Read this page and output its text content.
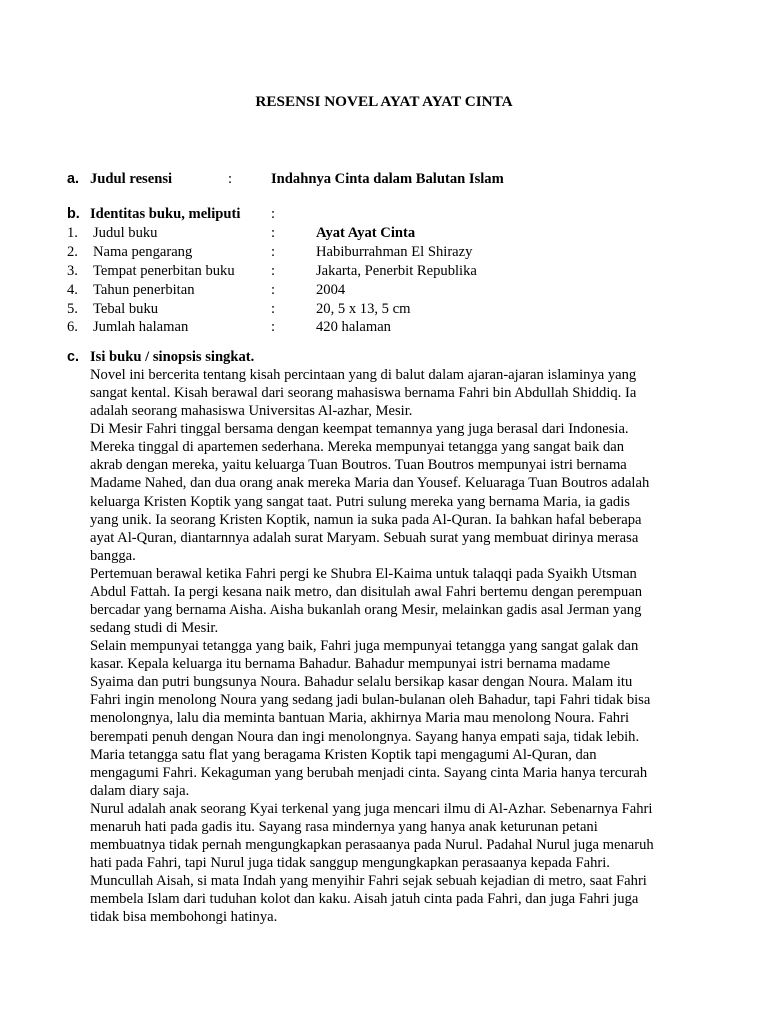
RESENSI NOVEL AYAT AYAT CINTA
a. Judul resensi	:	Indahnya Cinta dalam Balutan Islam
b. Identitas buku, meliputi :
1. Judul buku	:	Ayat Ayat Cinta
2. Nama pengarang	:	Habiburrahman El Shirazy
3. Tempat penerbitan buku :	Jakarta, Penerbit Republika
4. Tahun penerbitan	:	2004
5. Tebal buku	:	20, 5 x 13, 5 cm
6. Jumlah halaman	:	420 halaman
c. Isi buku / sinopsis singkat.
Novel ini bercerita tentang kisah percintaan yang di balut dalam ajaran-ajaran islaminya yang
sangat kental. Kisah berawal dari seorang mahasiswa bernama Fahri bin Abdullah Shiddiq. Ia
adalah seorang mahasiswa Universitas Al-azhar, Mesir.
Di Mesir Fahri tinggal bersama dengan keempat temannya yang juga berasal dari Indonesia.
Mereka tinggal di apartemen sederhana. Mereka mempunyai tetangga yang sangat baik dan
akrab dengan mereka, yaitu keluarga Tuan Boutros. Tuan Boutros mempunyai istri bernama
Madame Nahed, dan dua orang anak mereka Maria dan Yousef. Keluaraga Tuan Boutros adalah
keluarga Kristen Koptik yang sangat taat. Putri sulung mereka yang bernama Maria, ia gadis
yang unik. Ia seorang Kristen Koptik, namun ia suka pada Al-Quran. Ia bahkan hafal beberapa
ayat Al-Quran, diantarnnya adalah surat Maryam. Sebuah surat yang membuat dirinya merasa
bangga.
Pertemuan berawal ketika Fahri pergi ke Shubra El-Kaima untuk talaqqi pada Syaikh Utsman
Abdul Fattah. Ia pergi kesana naik metro, dan disitulah awal Fahri bertemu dengan perempuan
bercadar yang bernama Aisha. Aisha bukanlah orang Mesir, melainkan gadis asal Jerman yang
sedang studi di Mesir.
Selain mempunyai tetangga yang baik, Fahri juga mempunyai tetangga yang sangat galak dan
kasar. Kepala keluarga itu bernama Bahadur. Bahadur mempunyai istri bernama madame
Syaima dan putri bungsunya Noura. Bahadur selalu bersikap kasar dengan Noura. Malam itu
Fahri ingin menolong Noura yang sedang jadi bulan-bulanan oleh Bahadur, tapi Fahri tidak bisa
menolongnya, lalu dia meminta bantuan Maria, akhirnya Maria mau menolong Noura. Fahri
berempati penuh dengan Noura dan ingi menolongnya. Sayang hanya empati saja, tidak lebih.
Maria tetangga satu flat yang beragama Kristen Koptik tapi mengagumi Al-Quran, dan
mengagumi Fahri. Kekaguman yang berubah menjadi cinta. Sayang cinta Maria hanya tercurah
dalam diary saja.
Nurul adalah anak seorang Kyai terkenal yang juga mencari ilmu di Al-Azhar. Sebenarnya Fahri
menaruh hati pada gadis itu. Sayang rasa mindernya yang hanya anak keturunan petani
membuatnya tidak pernah mengungkapkan perasaanya pada Nurul. Padahal Nurul juga menaruh
hati pada Fahri, tapi Nurul juga tidak sanggup mengungkapkan perasaanya kepada Fahri.
Muncullah Aisah, si mata Indah yang menyihir Fahri sejak sebuah kejadian di metro, saat Fahri
membela Islam dari tuduhan kolot dan kaku. Aisah jatuh cinta pada Fahri, dan juga Fahri juga
tidak bisa membohongi hatinya.
